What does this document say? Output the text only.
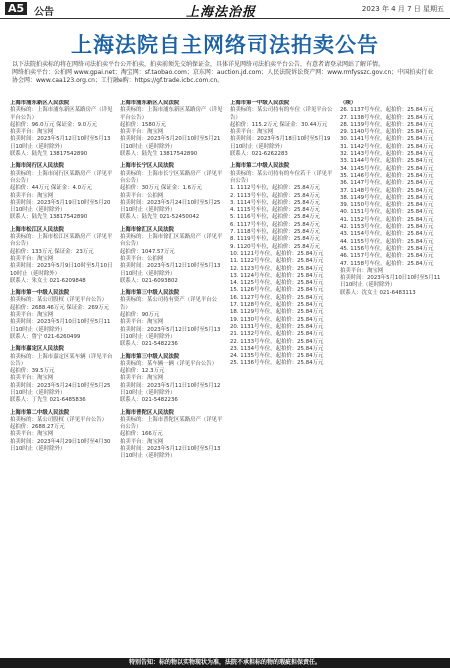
A5 公告	上海法治报	2023 年 4 月 7 日 星期五
上海法院自主网络司法拍卖公告

以下法院拍卖标的将在网络司法拍卖平台公开拍卖，拍卖前须先交纳保证金，具体详见网络司法拍卖平台公告，有意者请登录网站了解详情。

网络拍卖平台：公拍网 www.gpai.net；淘宝网：sf.taobao.com；京东网：auction.jd.com；人民法院诉讼资产网：www.rmfysszc.gov.cn；中国拍卖行业协会网：www.caa123.org.cn；工行融e购：https://gf.trade.icbc.com.cn。

上海市浦东新区人民法院
拍卖标的：上海市浦东新区某路房产（详见平台公告）
起拍价：96.0万元 保证金：9.0万元
拍卖平台：淘宝网
拍卖时间：2023年5月12日10时至5月13日10时止（延时除外）
联系人：陆先生 13817542890
上海市闵行区人民法院
拍卖标的：上海市闵行区某路房产（详见平台公告）
起拍价：44万元 保证金：4.0万元
拍卖平台：淘宝网
拍卖时间：2023年5月19日10时至5月20日10时止（延时除外）
联系人：陆先生 13817542890
上海市松江区人民法院
拍卖标的：上海市松江区某路房产（详见平台公告）
起拍价：133万元 保证金：23万元
拍卖平台：淘宝网
拍卖时间：2023年5月9日10时至5月10日10时止（延时除外）
联系人：朱女士 021-6209848
上海市第一中级人民法院
拍卖标的：某公司股权（详见平台公告）
起拍价：2688.46万元 保证金：269万元
拍卖平台：淘宝网
拍卖时间：2023年5月10日10时至5月11日10时止（延时除外）
联系人：鲁宁 021-6260499
上海市嘉定区人民法院
拍卖标的：上海市嘉定区某车辆（详见平台公告）
起拍价：39.5万元
拍卖平台：淘宝网
拍卖时间：2023年5月24日10时至5月25日10时止（延时除外）
联系人：丁先生 021-6485836
上海市第二中级人民法院
拍卖标的：某公司股权（详见平台公告）
起拍价：2688.27万元
拍卖平台：淘宝网
拍卖时间：2023年4月29日10时至4月30日10时止（延时除外）
上海市浦东新区人民法院
拍卖标的：上海市浦东新区某路房产（详见平台公告）
起拍价：1580万元
拍卖平台：淘宝网
拍卖时间：2023年5月20日10时至5月21日10时止（延时除外）
联系人：陆先生 13817542890
上海市长宁区人民法院
拍卖标的：上海市长宁区某路房产（详见平台公告）
起拍价：30万元 保证金：1.6万元
拍卖平台：公拍网
拍卖时间：2023年5月24日10时至5月25日10时止（延时除外）
联系人：陆先生 021-52450042
上海市徐汇区人民法院
拍卖标的：上海市徐汇区某路房产（详见平台公告）
起拍价：1047.57万元
拍卖平台：公拍网
拍卖时间：2023年5月12日10时至5月13日10时止（延时除外）
联系人：021-6093802
上海市第三中级人民法院
拍卖标的：某公司持有资产（详见平台公告）
起拍价：90万元
拍卖平台：淘宝网
拍卖时间：2023年5月12日10时至5月13日10时止（延时除外）
联系人：021-5482236
上海市第三中级人民法院
拍卖标的：某车辆一辆（详见平台公告）
起拍价：12.3万元
拍卖平台：淘宝网
拍卖时间：2023年5月11日10时至5月12日10时止（延时除外）
联系人：021-5482236
上海市普陀区人民法院
拍卖标的：上海市普陀区某路房产（详见平台公告）
起拍价：166万元
拍卖平台：淘宝网
拍卖时间：2023年5月12日10时至5月13日10时止（延时除外）
上海市第一中级人民法院
拍卖标的：某公司持有的车位（详见平台公告）
起拍价：115.2万元 保证金：30.44万元
拍卖平台：淘宝网
拍卖时间：2023年5月18日10时至5月19日10时止（延时除外）
联系人：021-6262283
上海市第二中级人民法院
拍卖标的：某公司持有的车位若干（详见平台公告）
1. 1112号车位，起拍价：25.84万元
2. 1113号车位，起拍价：25.84万元
3. 1114号车位，起拍价：25.84万元
4. 1115号车位，起拍价：25.84万元
5. 1116号车位，起拍价：25.84万元
6. 1117号车位，起拍价：25.84万元
7. 1118号车位，起拍价：25.84万元
8. 1119号车位，起拍价：25.84万元
9. 1120号车位，起拍价：25.84万元
10. 1121号车位，起拍价：25.84万元
11. 1122号车位，起拍价：25.84万元
12. 1123号车位，起拍价：25.84万元
13. 1124号车位，起拍价：25.84万元
14. 1125号车位，起拍价：25.84万元
15. 1126号车位，起拍价：25.84万元
16. 1127号车位，起拍价：25.84万元
17. 1128号车位，起拍价：25.84万元
18. 1129号车位，起拍价：25.84万元
19. 1130号车位，起拍价：25.84万元
20. 1131号车位，起拍价：25.84万元
21. 1132号车位，起拍价：25.84万元
22. 1133号车位，起拍价：25.84万元
23. 1134号车位，起拍价：25.84万元
24. 1135号车位，起拍价：25.84万元
25. 1136号车位，起拍价：25.84万元
（续）
26. 1137号车位，起拍价：25.84万元
27. 1138号车位，起拍价：25.84万元
28. 1139号车位，起拍价：25.84万元
29. 1140号车位，起拍价：25.84万元
30. 1141号车位，起拍价：25.84万元
31. 1142号车位，起拍价：25.84万元
32. 1143号车位，起拍价：25.84万元
33. 1144号车位，起拍价：25.84万元
34. 1145号车位，起拍价：25.84万元
35. 1146号车位，起拍价：25.84万元
36. 1147号车位，起拍价：25.84万元
37. 1148号车位，起拍价：25.84万元
38. 1149号车位，起拍价：25.84万元
39. 1150号车位，起拍价：25.84万元
40. 1151号车位，起拍价：25.84万元
41. 1152号车位，起拍价：25.84万元
42. 1153号车位，起拍价：25.84万元
43. 1154号车位，起拍价：25.84万元
44. 1155号车位，起拍价：25.84万元
45. 1156号车位，起拍价：25.84万元
46. 1157号车位，起拍价：25.84万元
47. 1158号车位，起拍价：25.84万元
拍卖平台：淘宝网
拍卖时间：2023年5月10日10时至5月11日10时止（延时除外）
联系人：沈女士 021-6483113
特别告知：标的物以实物现状为准，法院不承担标的物的瑕疵担保责任。
